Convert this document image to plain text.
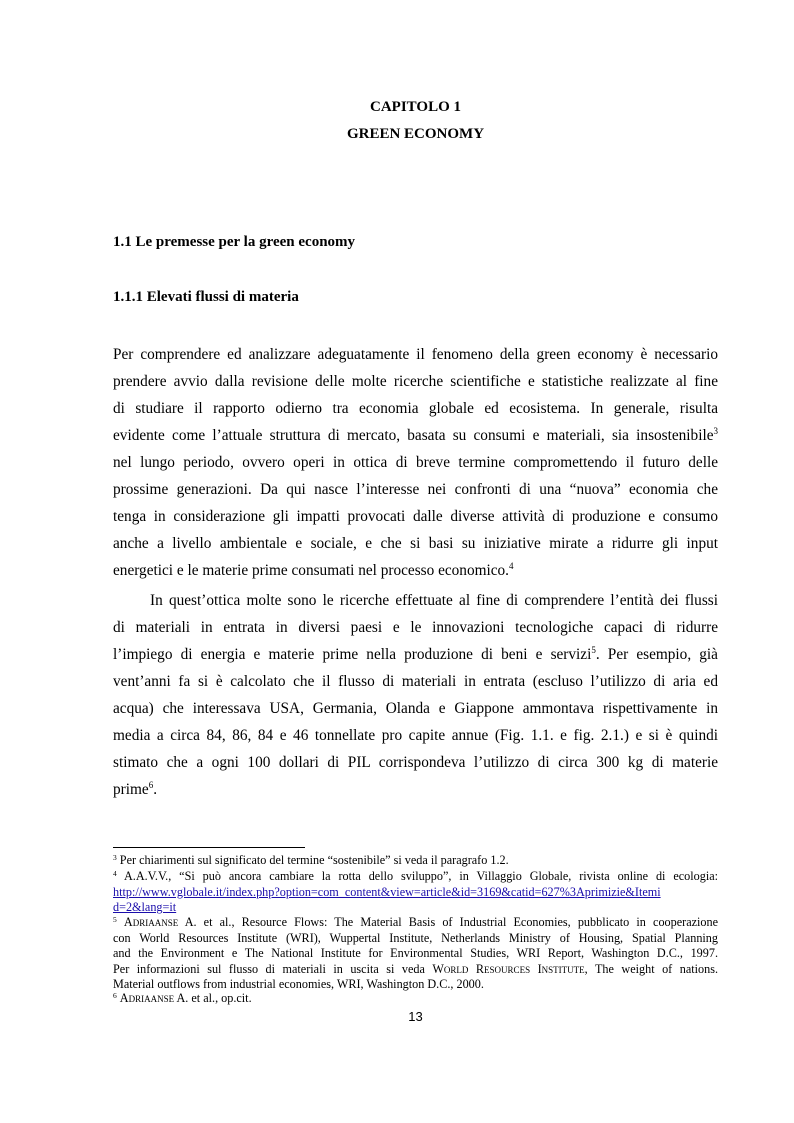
CAPITOLO 1
GREEN ECONOMY
1.1 Le premesse per la green economy
1.1.1 Elevati flussi di materia
Per comprendere ed analizzare adeguatamente il fenomeno della green economy è necessario
prendere avvio dalla revisione delle molte ricerche scientifiche e statistiche realizzate al fine
di studiare il rapporto odierno tra economia globale ed ecosistema. In generale, risulta
evidente come l’attuale struttura di mercato, basata su consumi e materiali, sia insostenibile$^3$
nel lungo periodo, ovvero operi in ottica di breve termine compromettendo il futuro delle
prossime generazioni. Da qui nasce l’interesse nei confronti di una “nuova” economia che
tenga in considerazione gli impatti provocati dalle diverse attività di produzione e consumo
anche a livello ambientale e sociale, e che si basi su iniziative mirate a ridurre gli input
energetici e le materie prime consumati nel processo economico.$^4$
In quest’ottica molte sono le ricerche effettuate al fine di comprendere l’entità dei flussi
di materiali in entrata in diversi paesi e le innovazioni tecnologiche capaci di ridurre
l’impiego di energia e materie prime nella produzione di beni e servizi$^5$. Per esempio, già
vent’anni fa si è calcolato che il flusso di materiali in entrata (escluso l’utilizzo di aria ed
acqua) che interessava USA, Germania, Olanda e Giappone ammontava rispettivamente in
media a circa 84, 86, 84 e 46 tonnellate pro capite annue (Fig. 1.1. e fig. 2.1.) e si è quindi
stimato che a ogni 100 dollari di PIL corrispondeva l’utilizzo di circa 300 kg di materie
prime$^6$.
$^3$ Per chiarimenti sul significato del termine “sostenibile” si veda il paragrafo 1.2.
$^4$ A.A.V.V., “Si può ancora cambiare la rotta dello sviluppo”, in Villaggio Globale, rivista online di ecologia:
http://www.vglobale.it/index.php?option=com_content&view=article&id=3169&catid=627%3Aprimizie&Itemi
d=2&lang=it
$^5$ Adriaanse A. et al., Resource Flows: The Material Basis of Industrial Economies, pubblicato in cooperazione
con World Resources Institute (WRI), Wuppertal Institute, Netherlands Ministry of Housing, Spatial Planning
and the Environment e The National Institute for Environmental Studies, WRI Report, Washington D.C., 1997.
Per informazioni sul flusso di materiali in uscita si veda World Resources Institute, The weight of nations.
Material outflows from industrial economies, WRI, Washington D.C., 2000.
$^6$ Adriaanse A. et al., op.cit.
13
